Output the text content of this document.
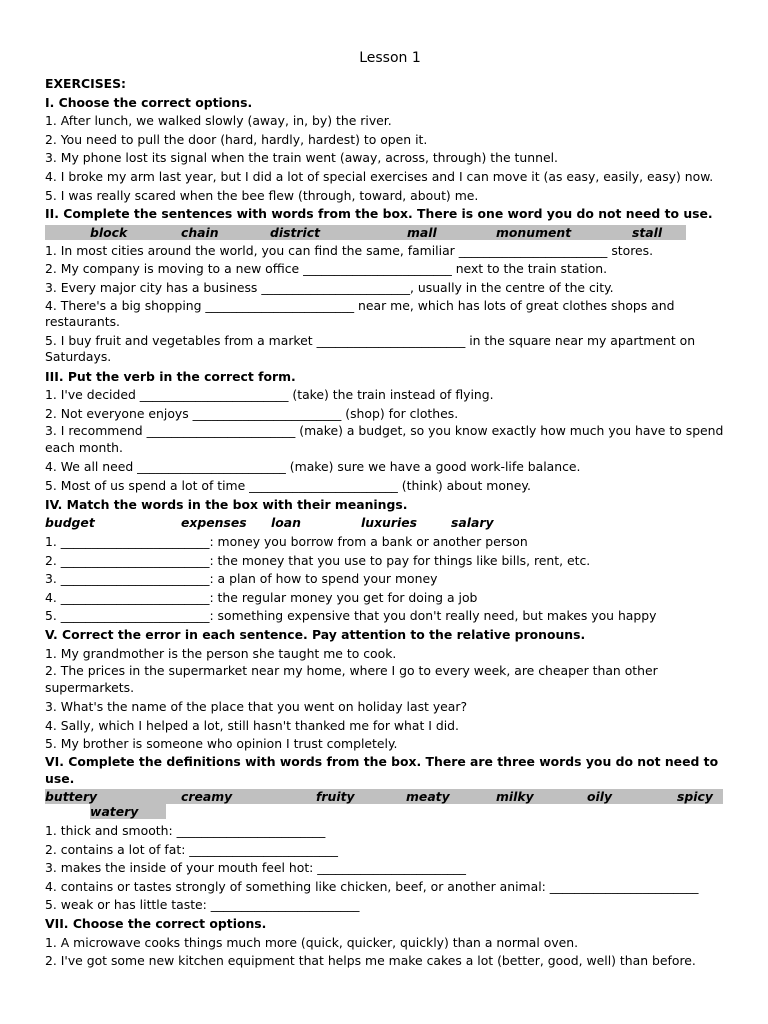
Lesson 1
EXERCISES:
I. Choose the correct options.
1. After lunch, we walked slowly (away, in, by) the river.
2. You need to pull the door (hard, hardly, hardest) to open it.
3. My phone lost its signal when the train went (away, across, through) the tunnel.
4. I broke my arm last year, but I did a lot of special exercises and I can move it (as easy, easily, easy) now.
5. I was really scared when the bee flew (through, toward, about) me.
II. Complete the sentences with words from the box. There is one word you do not need to use.
block	chain	district	mall	monument	stall
1. In most cities around the world, you can find the same, familiar ________________________ stores.
2. My company is moving to a new office ________________________ next to the train station.
3. Every major city has a business ________________________, usually in the centre of the city.
4. There's a big shopping ________________________ near me, which has lots of great clothes shops and restaurants.
5. I buy fruit and vegetables from a market ________________________ in the square near my apartment on Saturdays.
III. Put the verb in the correct form.
1. I've decided ________________________ (take) the train instead of flying.
2. Not everyone enjoys ________________________ (shop) for clothes.
3. I recommend ________________________ (make) a budget, so you know exactly how much you have to spend each month.
4. We all need ________________________ (make) sure we have a good work-life balance.
5. Most of us spend a lot of time ________________________ (think) about money.
IV. Match the words in the box with their meanings.
budget	expenses	loan	luxuries	salary
1. ________________________: money you borrow from a bank or another person
2. ________________________: the money that you use to pay for things like bills, rent, etc.
3. ________________________: a plan of how to spend your money
4. ________________________: the regular money you get for doing a job
5. ________________________: something expensive that you don't really need, but makes you happy
V. Correct the error in each sentence. Pay attention to the relative pronouns.
1. My grandmother is the person she taught me to cook.
2. The prices in the supermarket near my home, where I go to every week, are cheaper than other supermarkets.
3. What's the name of the place that you went on holiday last year?
4. Sally, which I helped a lot, still hasn't thanked me for what I did.
5. My brother is someone who opinion I trust completely.
VI. Complete the definitions with words from the box. There are three words you do not need to use.
buttery	creamy	fruity	meaty	milky	oily	spicy
watery
1. thick and smooth: ________________________
2. contains a lot of fat: ________________________
3. makes the inside of your mouth feel hot: ________________________
4. contains or tastes strongly of something like chicken, beef, or another animal: ________________________
5. weak or has little taste: ________________________
VII. Choose the correct options.
1. A microwave cooks things much more (quick, quicker, quickly) than a normal oven.
2. I've got some new kitchen equipment that helps me make cakes a lot (better, good, well) than before.
